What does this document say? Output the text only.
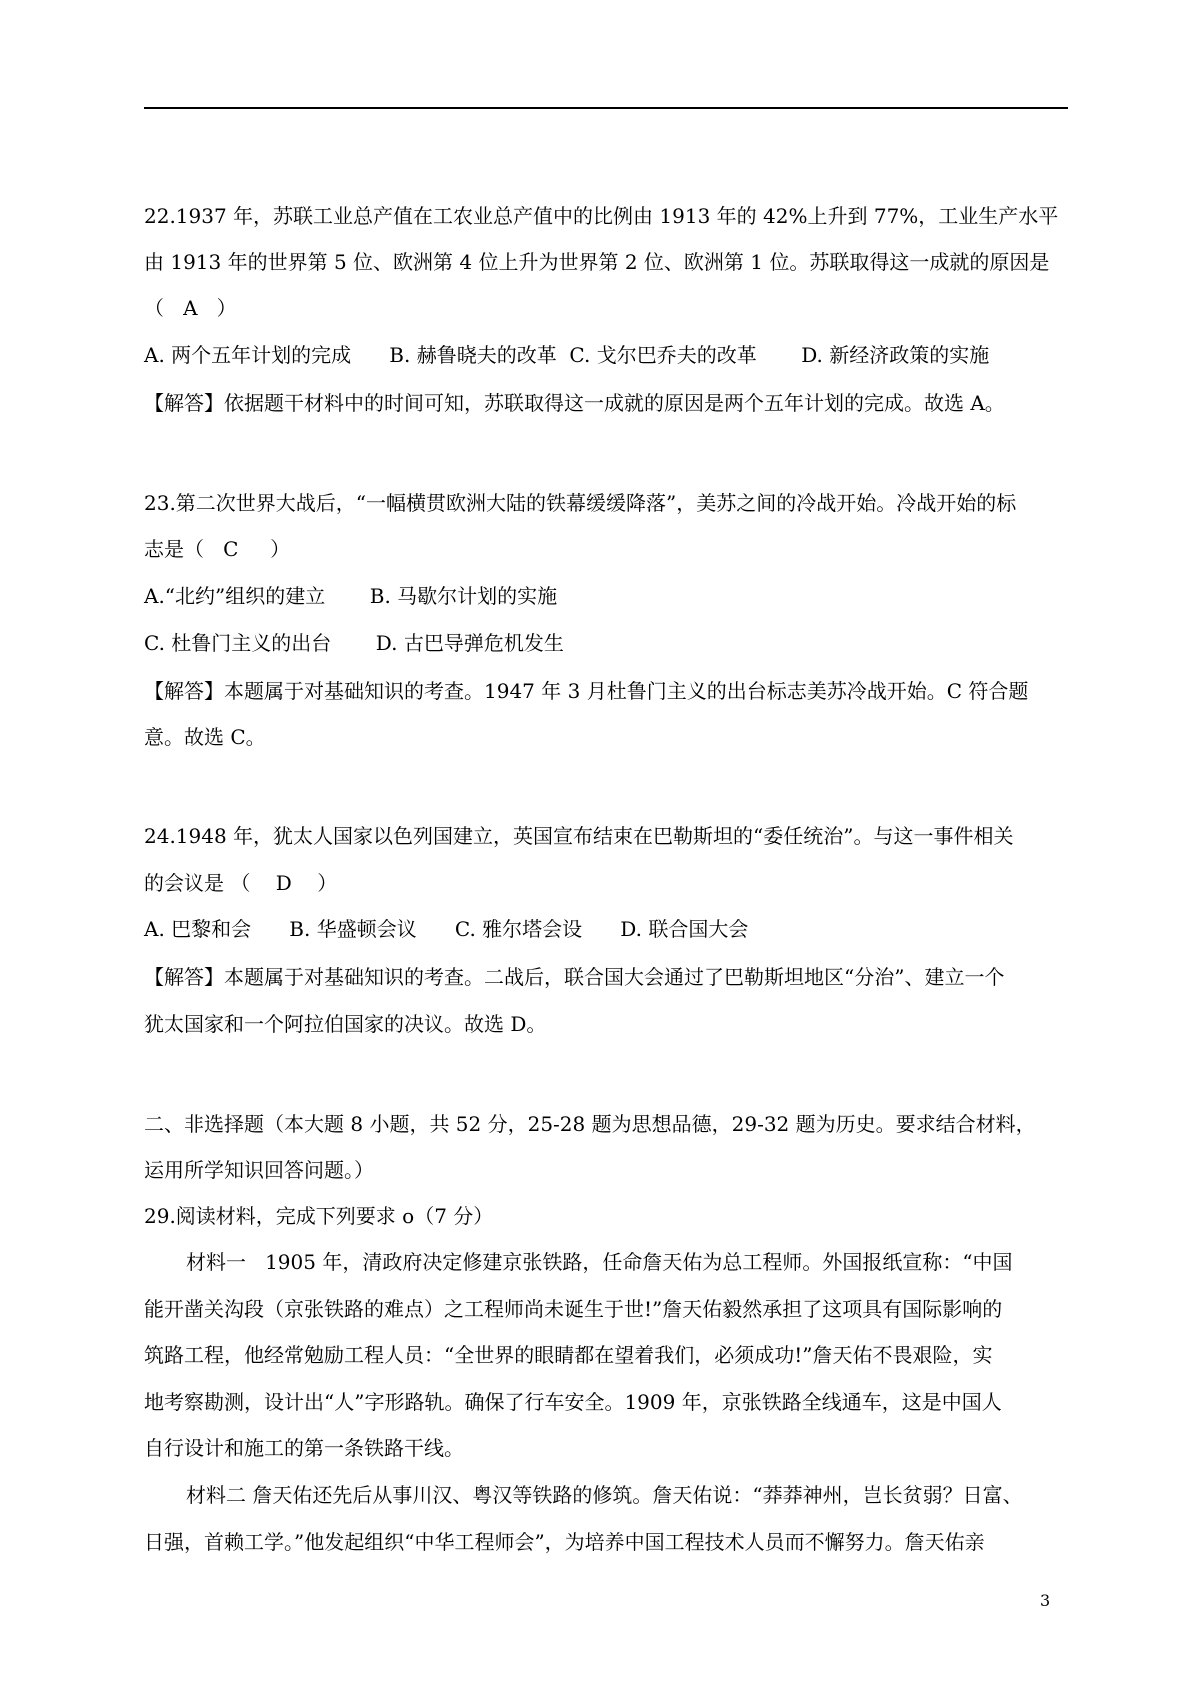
22.1937 年，苏联工业总产值在工农业总产值中的比例由 1913 年的 42%上升到 77%，工业生产水平
由 1913 年的世界第 5 位、欧洲第 4 位上升为世界第 2 位、欧洲第 1 位。苏联取得这一成就的原因是
（   A   ）
A. 两个五年计划的完成      B. 赫鲁晓夫的改革  C. 戈尔巴乔夫的改革       D. 新经济政策的实施
【解答】依据题干材料中的时间可知，苏联取得这一成就的原因是两个五年计划的完成。故选 A。
23.第二次世界大战后，“一幅横贯欧洲大陆的铁幕缓缓降落”，美苏之间的冷战开始。冷战开始的标
志是（   C     ）
A.“北约”组织的建立       B. 马歇尔计划的实施
C. 杜鲁门主义的出台       D. 古巴导弹危机发生
【解答】本题属于对基础知识的考查。1947 年 3 月杜鲁门主义的出台标志美苏冷战开始。C 符合题
意。故选 C。
24.1948 年，犹太人国家以色列国建立，英国宣布结束在巴勒斯坦的“委任统治”。与这一事件相关
的会议是 （    D    ）
A. 巴黎和会      B. 华盛顿会议      C. 雅尔塔会设      D. 联合国大会
【解答】本题属于对基础知识的考查。二战后，联合国大会通过了巴勒斯坦地区“分治”、建立一个
犹太国家和一个阿拉伯国家的决议。故选 D。
二、非选择题（本大题 8 小题，共 52 分，25-28 题为思想品德，29-32 题为历史。要求结合材料，
运用所学知识回答问题。）
29.阅读材料，完成下列要求 o（7 分）
材料一   1905 年，清政府决定修建京张铁路，任命詹天佑为总工程师。外国报纸宣称：“中国
能开凿关沟段（京张铁路的难点）之工程师尚未诞生于世!”詹天佑毅然承担了这项具有国际影响的
筑路工程，他经常勉励工程人员：“全世界的眼睛都在望着我们，必须成功!”詹天佑不畏艰险，实
地考察勘测，设计出“人”字形路轨。确保了行车安全。1909 年，京张铁路全线通车，这是中国人
自行设计和施工的第一条铁路干线。
材料二 詹天佑还先后从事川汉、粤汉等铁路的修筑。詹天佑说：“莽莽神州，岂长贫弱？日富、
日强，首赖工学。”他发起组织“中华工程师会”，为培养中国工程技术人员而不懈努力。詹天佑亲
3
